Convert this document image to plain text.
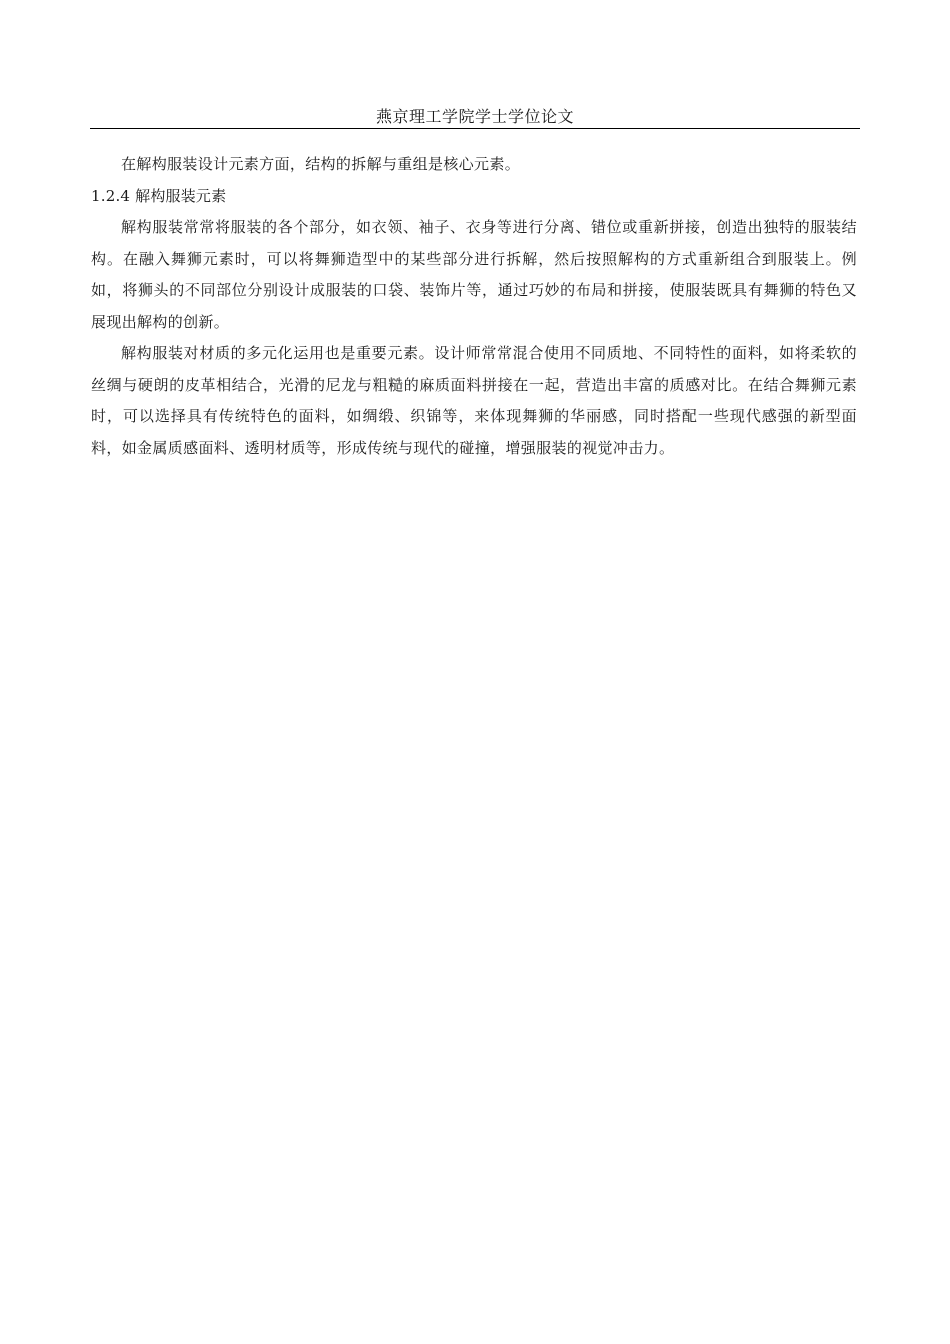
燕京理工学院学士学位论文

在解构服装设计元素方面，结构的拆解与重组是核心元素。

1.2.4 解构服装元素

解构服装常常将服装的各个部分，如衣领、袖子、衣身等进行分离、错位或重新拼接，创造出独特的服装结构。在融入舞狮元素时，可以将舞狮造型中的某些部分进行拆解，然后按照解构的方式重新组合到服装上。例如，将狮头的不同部位分别设计成服装的口袋、装饰片等，通过巧妙的布局和拼接，使服装既具有舞狮的特色又展现出解构的创新。

解构服装对材质的多元化运用也是重要元素。设计师常常混合使用不同质地、不同特性的面料，如将柔软的丝绸与硬朗的皮革相结合，光滑的尼龙与粗糙的麻质面料拼接在一起，营造出丰富的质感对比。在结合舞狮元素时，可以选择具有传统特色的面料，如绸缎、织锦等，来体现舞狮的华丽感，同时搭配一些现代感强的新型面料，如金属质感面料、透明材质等，形成传统与现代的碰撞，增强服装的视觉冲击力。
